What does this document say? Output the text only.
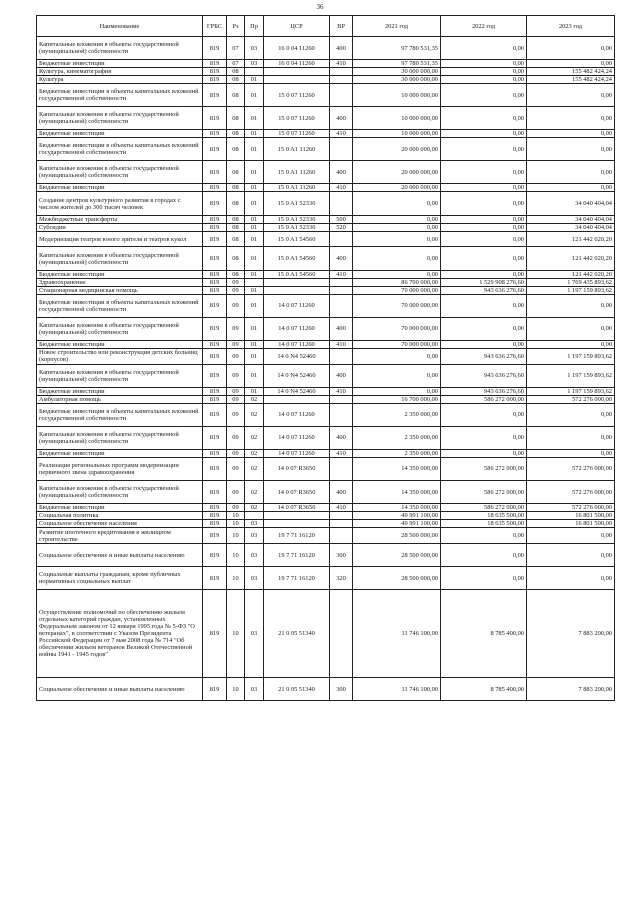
36
Наименование	ГРБС	Рз	Пр	ЦСР	ВР	2021 год	2022 год	2023 год
Капитальные вложения в объекты государственной (муниципальной) собственности	819	07	03	16 0 04 11260	400	97 780 531,35	0,00	0,00
Бюджетные инвестиции	819	07	03	16 0 04 11260	410	97 780 531,35	0,00	0,00
Культура, кинематография	819	08				30 000 000,00	0,00	155 482 424,24
Культура	819	08	01			30 000 000,00	0,00	155 482 424,24
Бюджетные инвестиции в объекты капитальных вложений государственной собственности	819	08	01	15 0 07 11260		10 000 000,00	0,00	0,00
Капитальные вложения в объекты государственной (муниципальной) собственности	819	08	01	15 0 07 11260	400	10 000 000,00	0,00	0,00
Бюджетные инвестиции	819	08	01	15 0 07 11260	410	10 000 000,00	0,00	0,00
Бюджетные инвестиции в объекты капитальных вложений государственной собственности	819	08	01	15 0 A1 11260		20 000 000,00	0,00	0,00
Капитальные вложения в объекты государственной (муниципальной) собственности	819	08	01	15 0 A1 11260	400	20 000 000,00	0,00	0,00
Бюджетные инвестиции	819	08	01	15 0 A1 11260	410	20 000 000,00	0,00	0,00
Создание центров культурного развития в городах с числом жителей до 300 тысяч человек	819	08	01	15 0 A1 52330		0,00	0,00	34 040 404,04
Межбюджетные трансферты	819	08	01	15 0 A1 52330	500	0,00	0,00	34 040 404,04
Субсидии	819	08	01	15 0 A1 52330	520	0,00	0,00	34 040 404,04
Модернизация театров юного зрителя и театров кукол	819	08	01	15 0 A1 54560		0,00	0,00	121 442 020,20
Капитальные вложения в объекты государственной (муниципальной) собственности	819	08	01	15 0 A1 54560	400	0,00	0,00	121 442 020,20
Бюджетные инвестиции	819	08	01	15 0 A1 54560	410	0,00	0,00	121 442 020,20
Здравоохранение	819	09				86 700 000,00	1 529 908 276,60	1 769 435 893,62
Стационарная медицинская помощь	819	09	01			70 000 000,00	943 636 276,60	1 197 159 893,62
Бюджетные инвестиции в объекты капитальных вложений государственной собственности	819	09	01	14 0 07 11260		70 000 000,00	0,00	0,00
Капитальные вложения в объекты государственной (муниципальной) собственности	819	09	01	14 0 07 11260	400	70 000 000,00	0,00	0,00
Бюджетные инвестиции	819	09	01	14 0 07 11260	410	70 000 000,00	0,00	0,00
Новое строительство или реконструкция детских больниц (корпусов)	819	09	01	14 0 N4 52460		0,00	943 636 276,60	1 197 159 893,62
Капитальные вложения в объекты государственной (муниципальной) собственности	819	09	01	14 0 N4 52460	400	0,00	943 636 276,60	1 197 159 893,62
Бюджетные инвестиции	819	09	01	14 0 N4 52460	410	0,00	943 636 276,60	1 197 159 893,62
Амбулаторная помощь	819	09	02			16 700 000,00	586 272 000,00	572 276 000,00
Бюджетные инвестиции в объекты капитальных вложений государственной собственности	819	09	02	14 0 07 11260		2 350 000,00	0,00	0,00
Капитальные вложения в объекты государственной (муниципальной) собственности	819	09	02	14 0 07 11260	400	2 350 000,00	0,00	0,00
Бюджетные инвестиции	819	09	02	14 0 07 11260	410	2 350 000,00	0,00	0,00
Реализация региональных программ модернизации первичного звена здравоохранения	819	09	02	14 0 07 R3650		14 350 000,00	586 272 000,00	572 276 000,00
Капитальные вложения в объекты государственной (муниципальной) собственности	819	09	02	14 0 07 R3650	400	14 350 000,00	586 272 000,00	572 276 000,00
Бюджетные инвестиции	819	09	02	14 0 07 R3650	410	14 350 000,00	586 272 000,00	572 276 000,00
Социальная политика	819	10				49 991 100,00	18 635 500,00	16 801 500,00
Социальное обеспечение населения	819	10	03			49 991 100,00	18 635 500,00	16 801 500,00
Развитие ипотечного кредитования в жилищном строительстве	819	10	03	19 7 71 16120		28 500 000,00	0,00	0,00
Социальное обеспечение и иные выплаты населению	819	10	03	19 7 71 16120	300	28 500 000,00	0,00	0,00
Социальные выплаты гражданам, кроме публичных нормативных социальных выплат	819	10	03	19 7 71 16120	320	28 500 000,00	0,00	0,00
Осуществление полномочий по обеспечению жильем отдельных категорий граждан, установленных Федеральным законом от 12 января 1995 года № 5-ФЗ "О ветеранах", в соответствии с Указом Президента Российской Федерации от 7 мая 2008 года № 714 "Об обеспечении жильем ветеранов Великой Отечественной войны 1941 - 1945 годов"	819	10	03	21 0 05 51340		11 746 100,00	8 785 400,00	7 883 200,00
Социальное обеспечение и иные выплаты населению	819	10	03	21 0 05 51340	300	11 746 100,00	8 785 400,00	7 883 200,00
